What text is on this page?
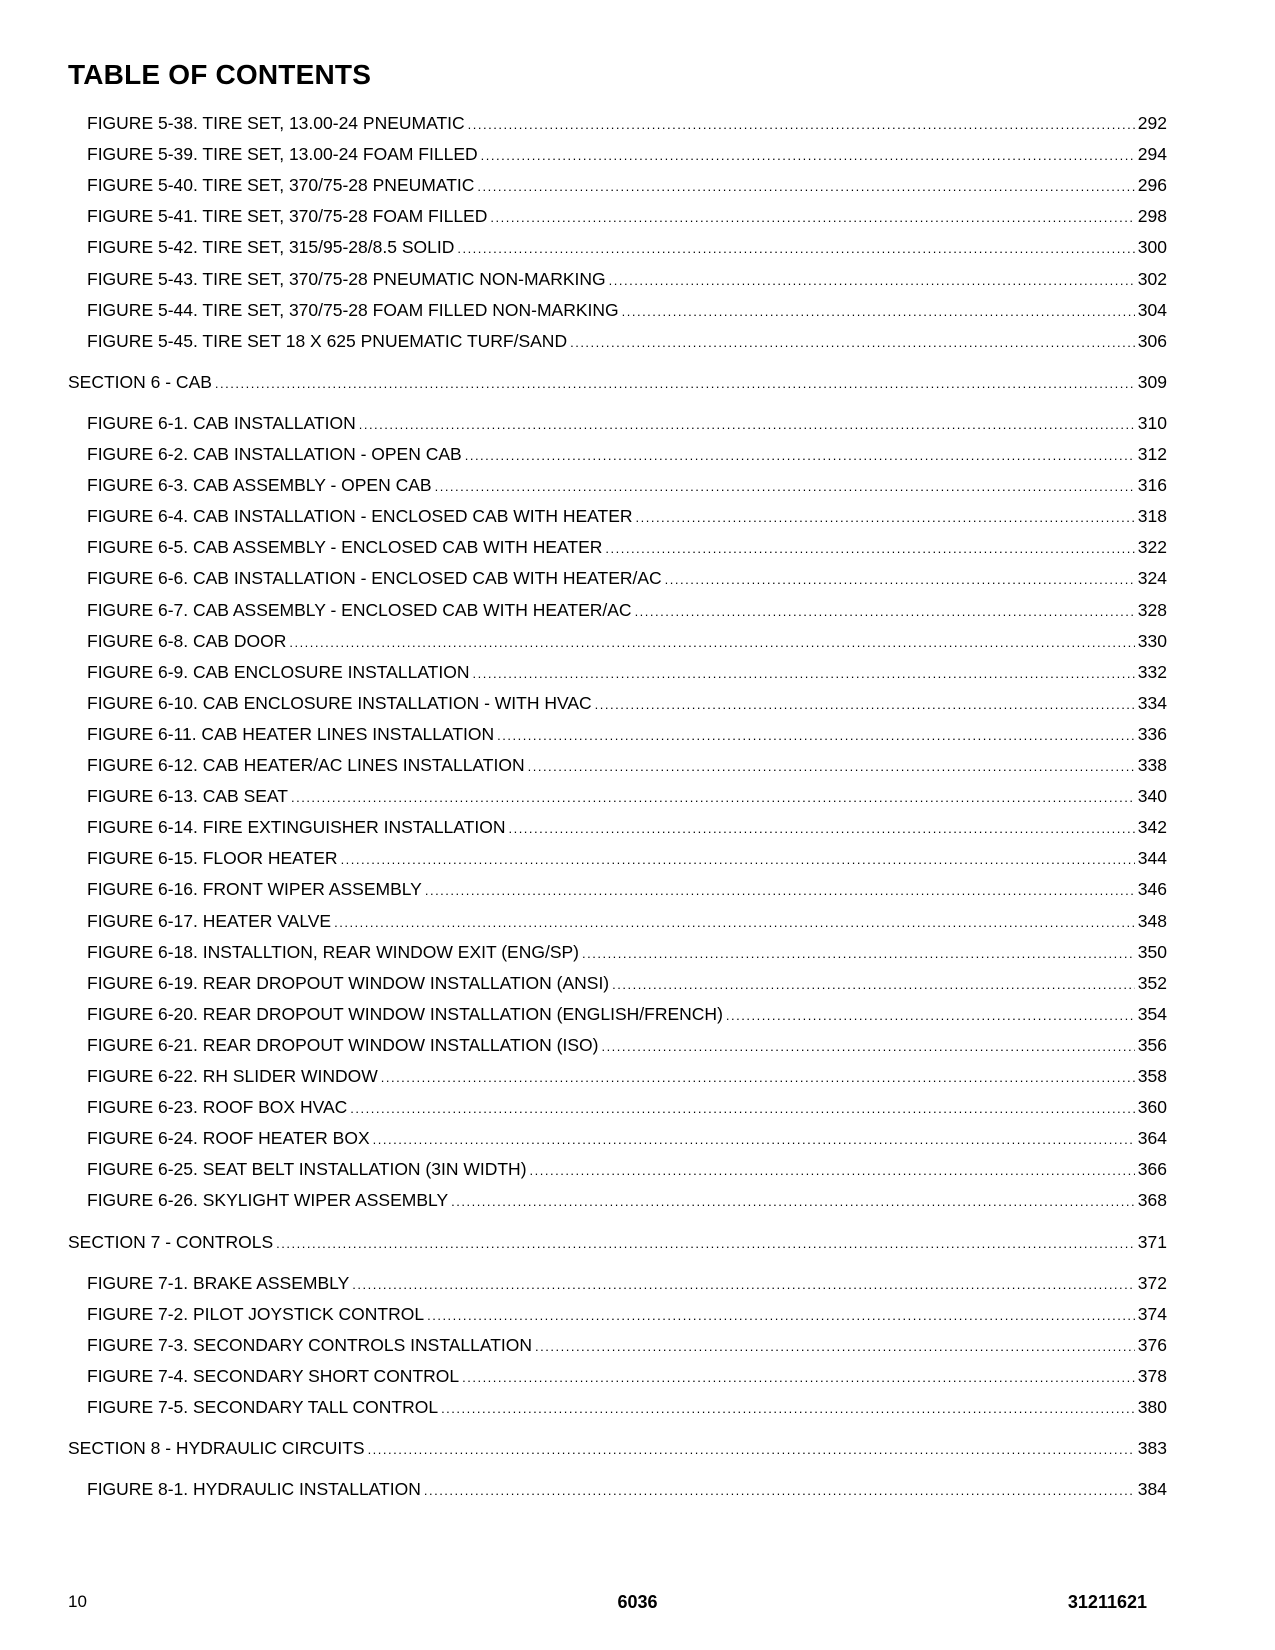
TABLE OF CONTENTS
FIGURE 5-38. TIRE SET, 13.00-24 PNEUMATIC .....	292
FIGURE 5-39. TIRE SET, 13.00-24 FOAM FILLED .....	294
FIGURE 5-40. TIRE SET, 370/75-28 PNEUMATIC .....	296
FIGURE 5-41. TIRE SET, 370/75-28 FOAM FILLED .....	298
FIGURE 5-42. TIRE SET, 315/95-28/8.5 SOLID .....	300
FIGURE 5-43. TIRE SET, 370/75-28 PNEUMATIC NON-MARKING .....	302
FIGURE 5-44. TIRE SET, 370/75-28 FOAM FILLED NON-MARKING .....	304
FIGURE 5-45. TIRE SET 18 X 625 PNUEMATIC TURF/SAND .....	306
SECTION 6 - CAB .....	309
FIGURE 6-1. CAB INSTALLATION .....	310
FIGURE 6-2. CAB INSTALLATION - OPEN CAB .....	312
FIGURE 6-3. CAB ASSEMBLY - OPEN CAB .....	316
FIGURE 6-4. CAB INSTALLATION - ENCLOSED CAB WITH HEATER .....	318
FIGURE 6-5. CAB ASSEMBLY - ENCLOSED CAB WITH HEATER .....	322
FIGURE 6-6. CAB INSTALLATION - ENCLOSED CAB WITH HEATER/AC .....	324
FIGURE 6-7. CAB ASSEMBLY - ENCLOSED CAB WITH HEATER/AC .....	328
FIGURE 6-8. CAB DOOR .....	330
FIGURE 6-9. CAB ENCLOSURE INSTALLATION .....	332
FIGURE 6-10. CAB ENCLOSURE INSTALLATION - WITH HVAC .....	334
FIGURE 6-11. CAB HEATER LINES INSTALLATION .....	336
FIGURE 6-12. CAB HEATER/AC LINES INSTALLATION .....	338
FIGURE 6-13. CAB SEAT .....	340
FIGURE 6-14. FIRE EXTINGUISHER INSTALLATION .....	342
FIGURE 6-15. FLOOR HEATER .....	344
FIGURE 6-16. FRONT WIPER ASSEMBLY .....	346
FIGURE 6-17. HEATER VALVE .....	348
FIGURE 6-18. INSTALLTION, REAR WINDOW EXIT (ENG/SP) .....	350
FIGURE 6-19. REAR DROPOUT WINDOW INSTALLATION (ANSI) .....	352
FIGURE 6-20. REAR DROPOUT WINDOW INSTALLATION (ENGLISH/FRENCH) .....	354
FIGURE 6-21. REAR DROPOUT WINDOW INSTALLATION (ISO) .....	356
FIGURE 6-22. RH SLIDER WINDOW .....	358
FIGURE 6-23. ROOF BOX HVAC .....	360
FIGURE 6-24. ROOF HEATER BOX .....	364
FIGURE 6-25. SEAT BELT INSTALLATION (3IN WIDTH) .....	366
FIGURE 6-26. SKYLIGHT WIPER ASSEMBLY .....	368
SECTION 7 - CONTROLS .....	371
FIGURE 7-1. BRAKE ASSEMBLY .....	372
FIGURE 7-2. PILOT JOYSTICK CONTROL .....	374
FIGURE 7-3. SECONDARY CONTROLS INSTALLATION .....	376
FIGURE 7-4. SECONDARY SHORT CONTROL .....	378
FIGURE 7-5. SECONDARY TALL CONTROL .....	380
SECTION 8 - HYDRAULIC CIRCUITS .....	383
FIGURE 8-1. HYDRAULIC INSTALLATION .....	384
10	6036	31211621
